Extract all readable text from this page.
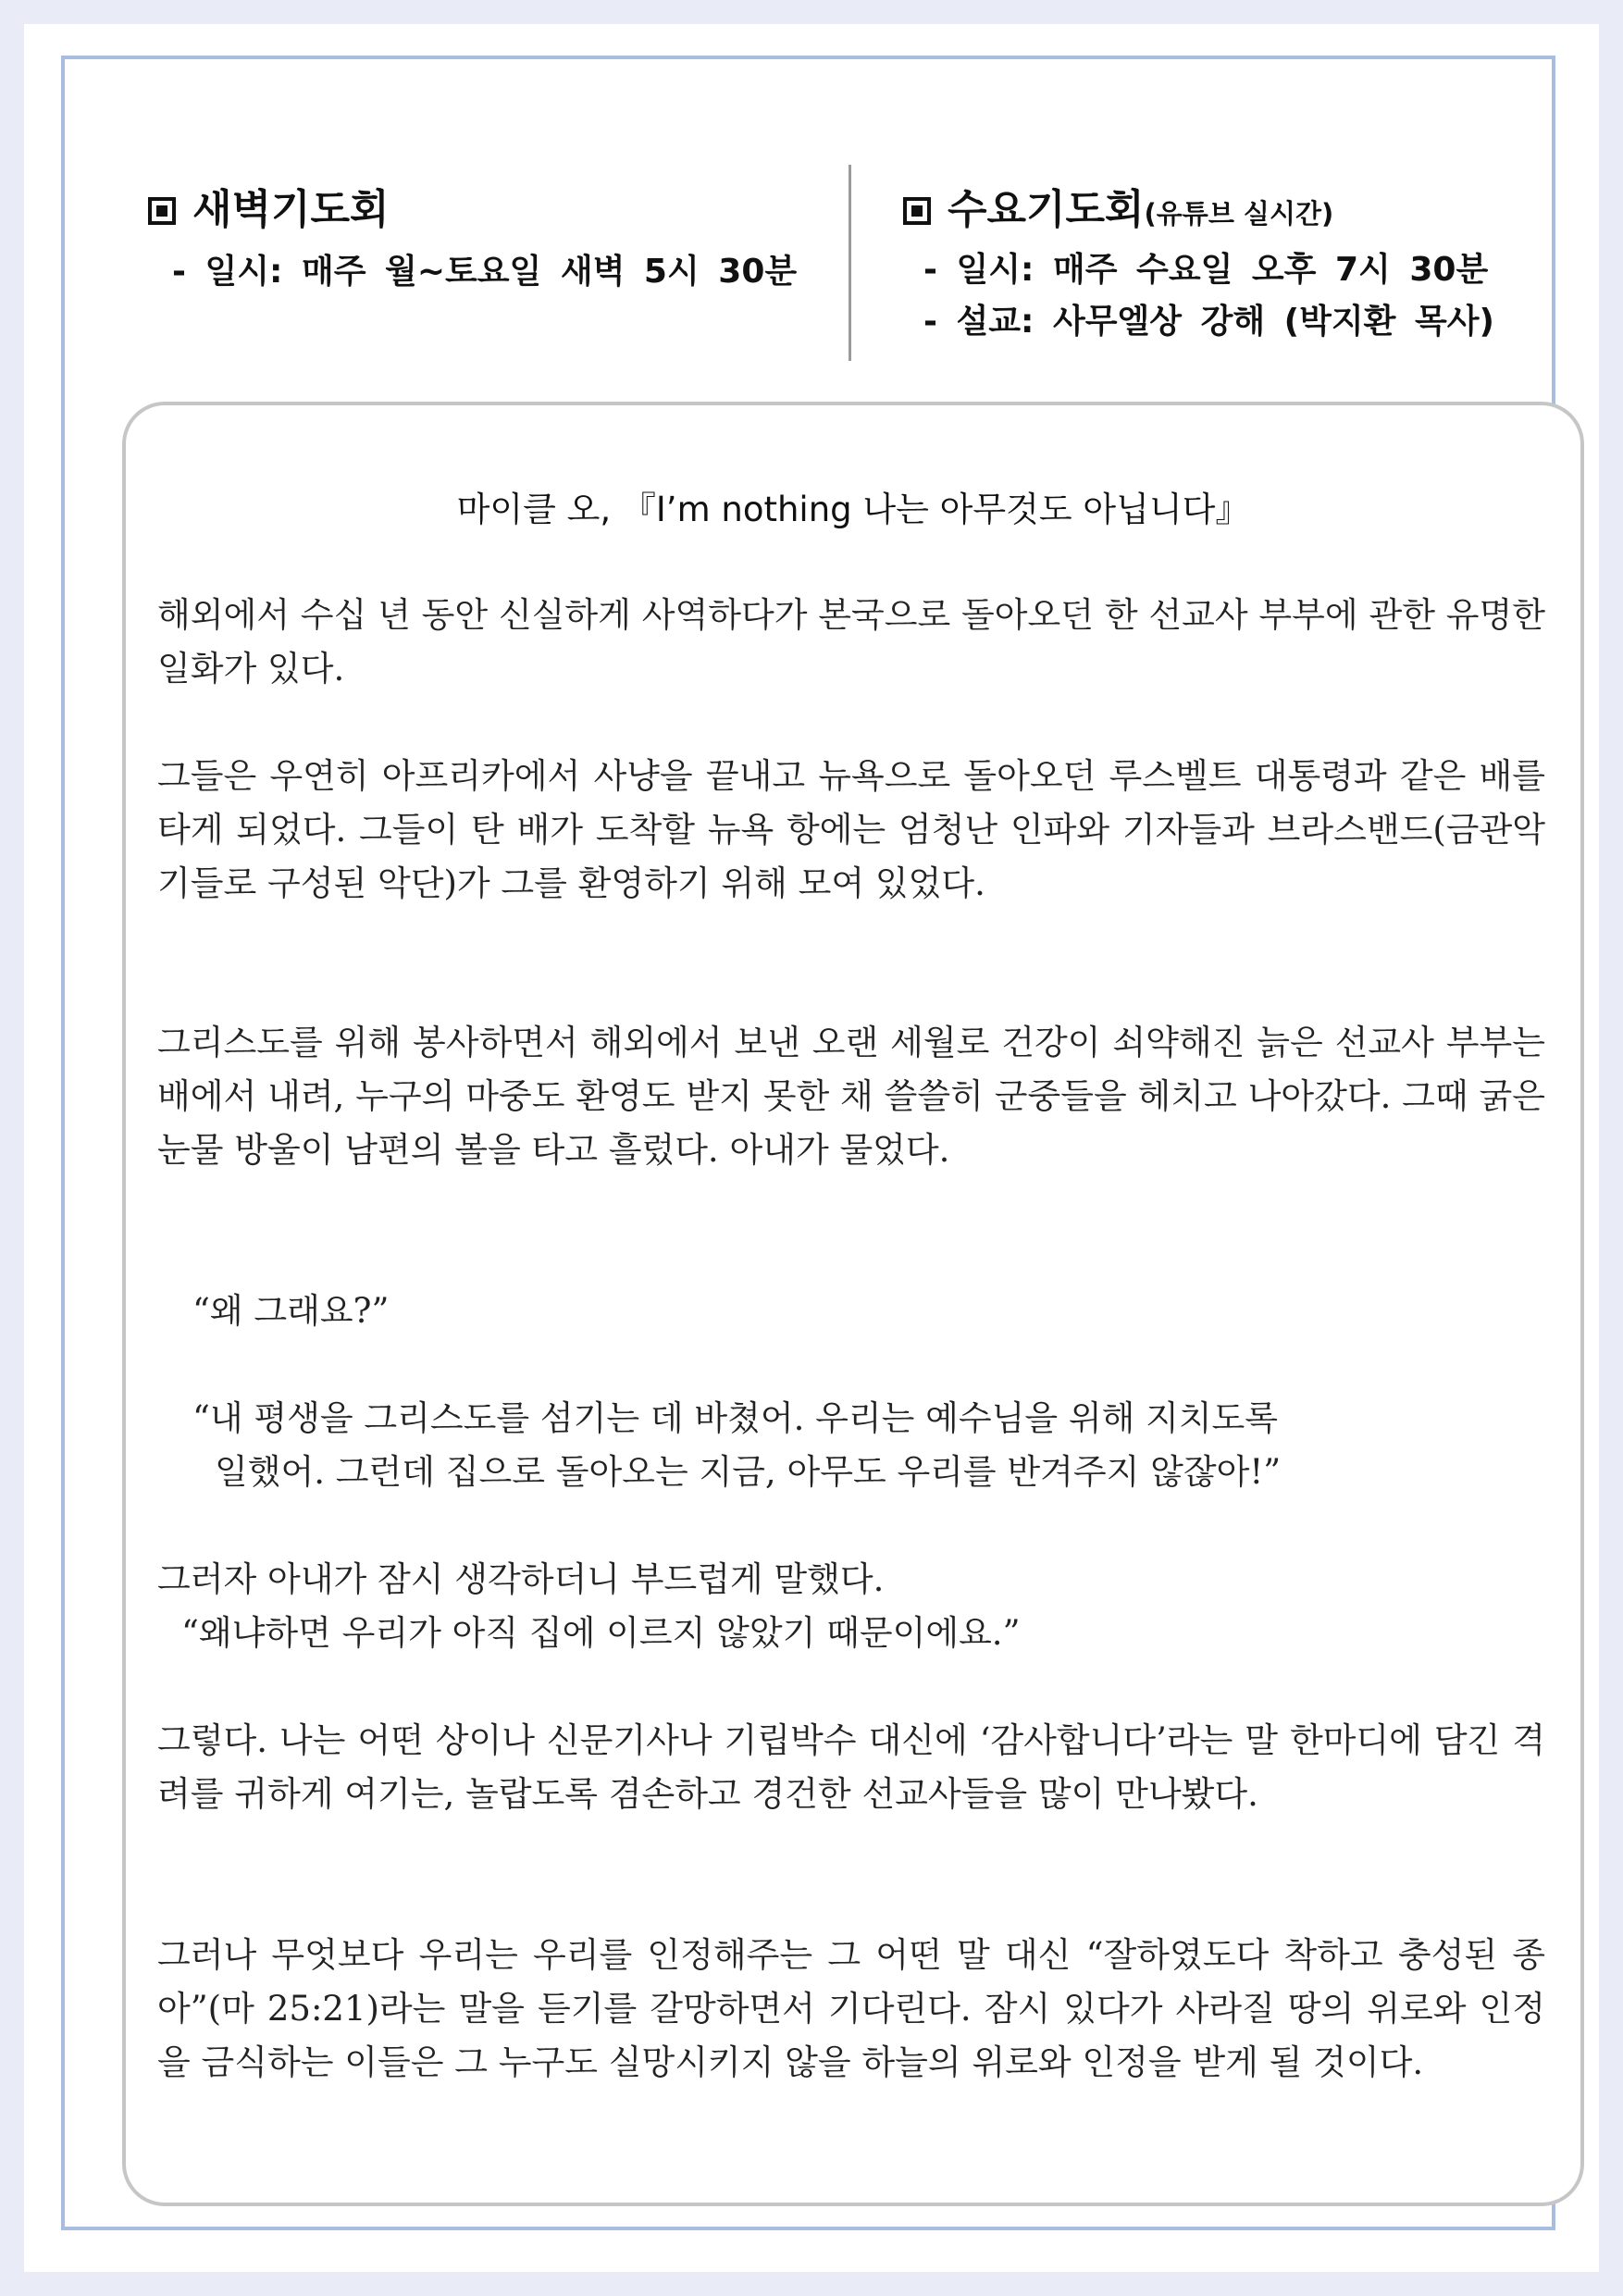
새벽기도회
- 일시: 매주 월~토요일 새벽 5시 30분
수요기도회(유튜브 실시간)
- 일시: 매주 수요일 오후 7시 30분
- 설교: 사무엘상 강해 (박지환 목사)
마이클 오, 『I’m nothing 나는 아무것도 아닙니다』
해외에서 수십 년 동안 신실하게 사역하다가 본국으로 돌아오던 한 선교사 부부에 관한 유명한 일화가 있다.
그들은 우연히 아프리카에서 사냥을 끝내고 뉴욕으로 돌아오던 루스벨트 대통령과 같은 배를 타게 되었다. 그들이 탄 배가 도착할 뉴욕 항에는 엄청난 인파와 기자들과 브라스밴드(금관악기들로 구성된 악단)가 그를 환영하기 위해 모여 있었다.
그리스도를 위해 봉사하면서 해외에서 보낸 오랜 세월로 건강이 쇠약해진 늙은 선교사 부부는 배에서 내려, 누구의 마중도 환영도 받지 못한 채 쓸쓸히 군중들을 헤치고 나아갔다. 그때 굵은 눈물 방울이 남편의 볼을 타고 흘렀다. 아내가 물었다.
“왜 그래요?”
“내 평생을 그리스도를 섬기는 데 바쳤어. 우리는 예수님을 위해 지치도록
일했어. 그런데 집으로 돌아오는 지금, 아무도 우리를 반겨주지 않잖아!”
그러자 아내가 잠시 생각하더니 부드럽게 말했다.
“왜냐하면 우리가 아직 집에 이르지 않았기 때문이에요.”
그렇다. 나는 어떤 상이나 신문기사나 기립박수 대신에 ‘감사합니다’라는 말 한마디에 담긴 격려를 귀하게 여기는, 놀랍도록 겸손하고 경건한 선교사들을 많이 만나봤다.
그러나 무엇보다 우리는 우리를 인정해주는 그 어떤 말 대신 “잘하였도다 착하고 충성된 종아”(마 25:21)라는 말을 듣기를 갈망하면서 기다린다. 잠시 있다가 사라질 땅의 위로와 인정을 금식하는 이들은 그 누구도 실망시키지 않을 하늘의 위로와 인정을 받게 될 것이다.
